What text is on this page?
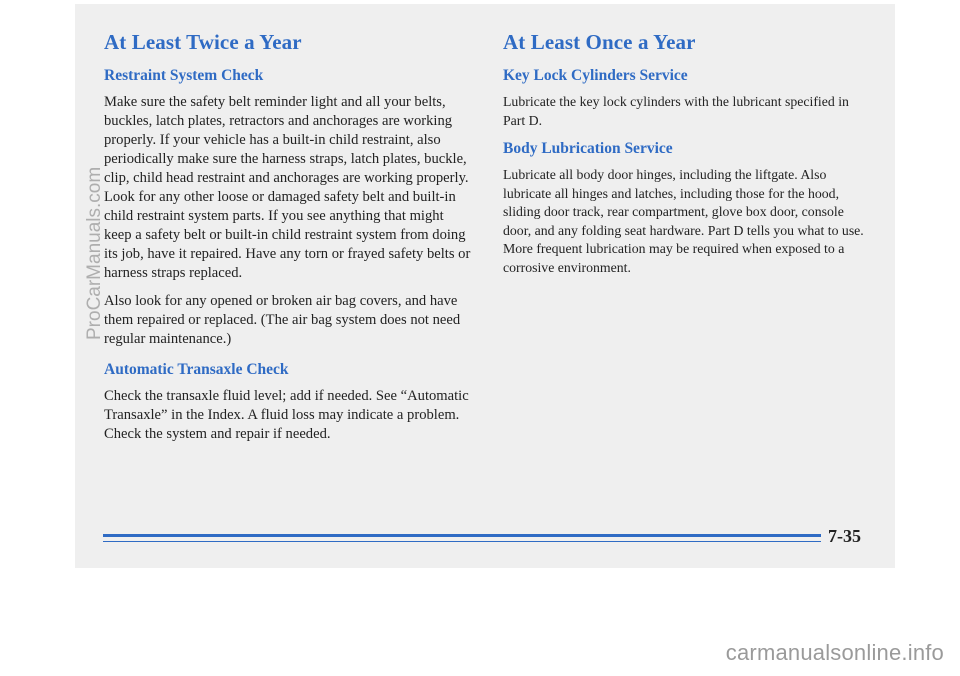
At Least Twice a Year
Restraint System Check

Make sure the safety belt reminder light and all your belts, buckles, latch plates, retractors and anchorages are working properly. If your vehicle has a built-in child restraint, also periodically make sure the harness straps, latch plates, buckle, clip, child head restraint and anchorages are working properly. Look for any other loose or damaged safety belt and built-in child restraint system parts. If you see anything that might keep a safety belt or built-in child restraint system from doing its job, have it repaired. Have any torn or frayed safety belts or harness straps replaced.

Also look for any opened or broken air bag covers, and have them repaired or replaced. (The air bag system does not need regular maintenance.)

Automatic Transaxle Check

Check the transaxle fluid level; add if needed. See “Automatic Transaxle” in the Index. A fluid loss may indicate a problem. Check the system and repair if needed.

At Least Once a Year
Key Lock Cylinders Service

Lubricate the key lock cylinders with the lubricant specified in Part D.

Body Lubrication Service

Lubricate all body door hinges, including the liftgate. Also lubricate all hinges and latches, including those for the hood, sliding door track, rear compartment, glove box door, console door, and any folding seat hardware. Part D tells you what to use. More frequent lubrication may be required when exposed to a corrosive environment.

7-35
ProCarManuals.com
carmanualsonline.info
